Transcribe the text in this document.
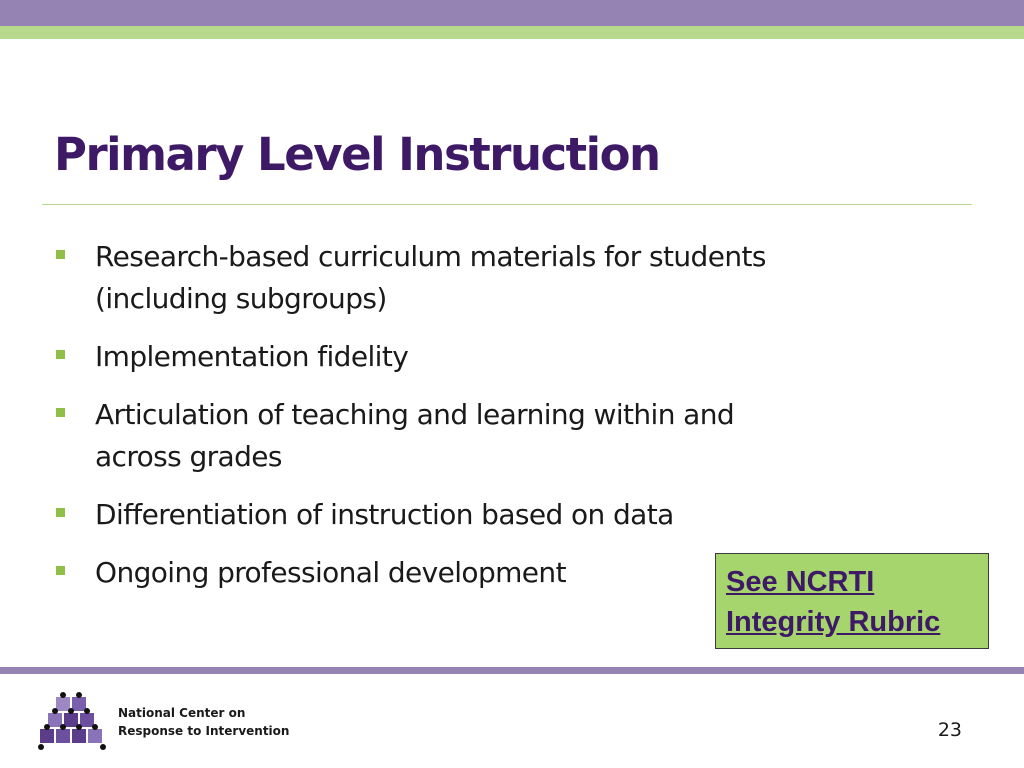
Primary Level Instruction
Research-based curriculum materials for students
(including subgroups)
Implementation fidelity
Articulation of teaching and learning within and
across grades
Differentiation of instruction based on data
Ongoing professional development	See NCRTI
Integrity Rubric

National Center on
Response to Intervention	23
